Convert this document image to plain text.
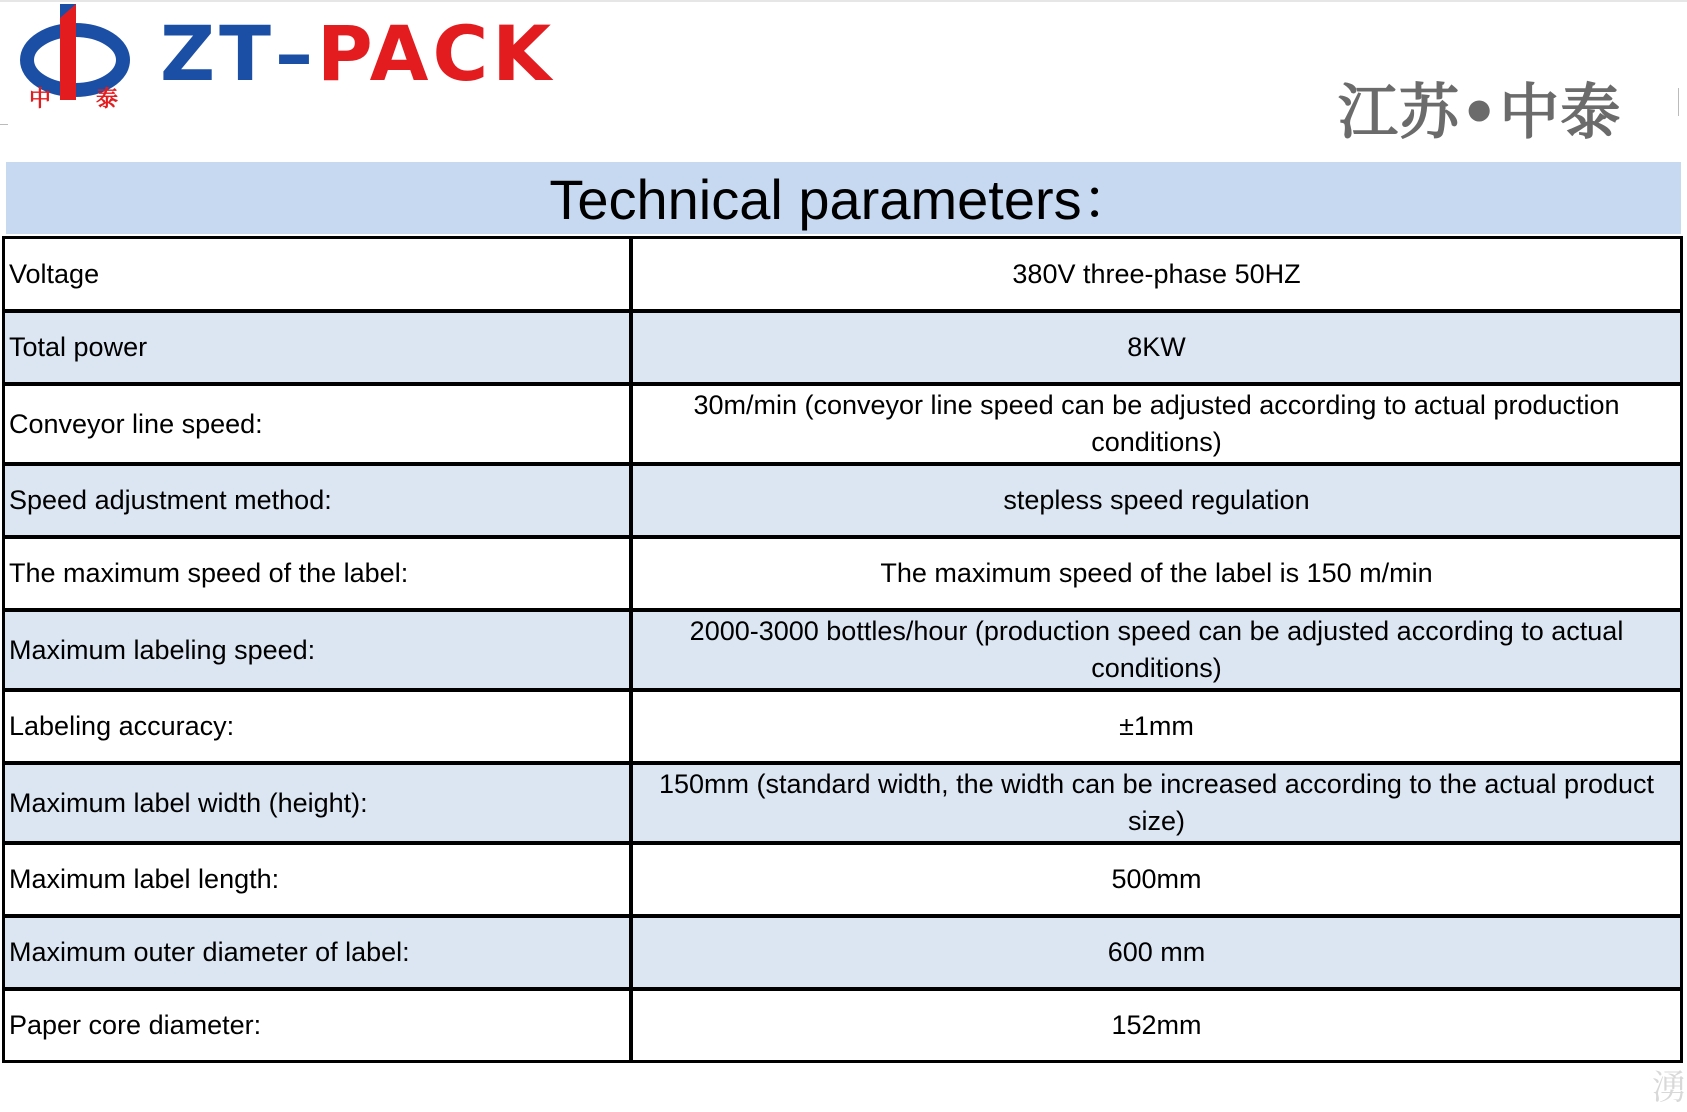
中 泰
ZT–PACK
江苏•中泰
Technical parameters：
Voltage	380V three-phase 50HZ
Total power	8KW
Conveyor line speed:	30m/min (conveyor line speed can be adjusted according to actual production conditions)
Speed adjustment method:	stepless speed regulation
The maximum speed of the label:	The maximum speed of the label is 150 m/min
Maximum labeling speed:	2000-3000 bottles/hour (production speed can be adjusted according to actual conditions)
Labeling accuracy:	±1mm
Maximum label width (height):	150mm (standard width, the width can be increased according to the actual product size)
Maximum label length:	500mm
Maximum outer diameter of label:	600 mm
Paper core diameter:	152mm
湧
